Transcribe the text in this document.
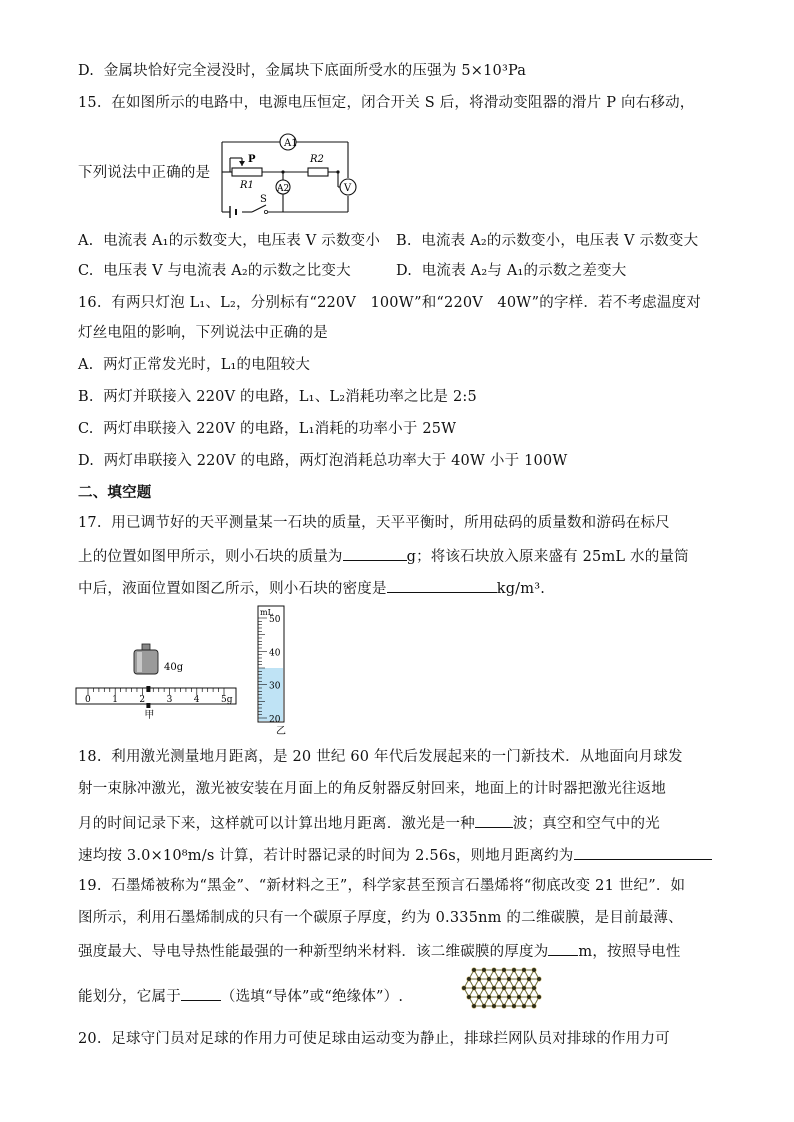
D.  金属块恰好完全浸没时，金属块下底面所受水的压强为 5×10³Pa
15.  在如图所示的电路中，电源电压恒定，闭合开关 S 后，将滑动变阻器的滑片 P 向右移动，
下列说法中正确的是
A1
A2	V
P
R1
R2
S
A.  电流表 A₁的示数变大，电压表 V 示数变小 B.  电流表 A₂的示数变小，电压表 V 示数变大
C.  电压表 V 与电流表 A₂的示数之比变大	D.  电流表 A₂与 A₁的示数之差变大
16.  有两只灯泡 L₁、L₂，分别标有“220V   100W”和“220V   40W”的字样．若不考虑温度对
灯丝电阻的影响，下列说法中正确的是
A.  两灯正常发光时，L₁的电阻较大
B.  两灯并联接入 220V 的电路，L₁、L₂消耗功率之比是 2:5
C.  两灯串联接入 220V 的电路，L₁消耗的功率小于 25W
D.  两灯串联接入 220V 的电路，两灯泡消耗总功率大于 40W 小于 100W
二、填空题
17.  用已调节好的天平测量某一石块的质量，天平平衡时，所用砝码的质量数和游码在标尺
上的位置如图甲所示，则小石块的质量为	g；将该石块放入原来盛有 25mL 水的量筒
中后，液面位置如图乙所示，则小石块的密度是	kg/m³.
40g
0 1 2 3 4 5g
甲
mL
50
40
30
20
乙
18.  利用激光测量地月距离，是 20 世纪 60 年代后发展起来的一门新技术．从地面向月球发
射一束脉冲激光，激光被安装在月面上的角反射器反射回来，地面上的计时器把激光往返地
月的时间记录下来，这样就可以计算出地月距离．激光是一种	波；真空和空气中的光
速均按 3.0×10⁸m/s 计算，若计时器记录的时间为 2.56s，则地月距离约为
19.  石墨烯被称为“黑金”、“新材料之王”，科学家甚至预言石墨烯将“彻底改变 21 世纪”．如
图所示，利用石墨烯制成的只有一个碳原子厚度，约为 0.335nm 的二维碳膜，是目前最薄、
强度最大、导电导热性能最强的一种新型纳米材料．该二维碳膜的厚度为 m，按照导电性
能划分，它属于	（选填“导体”或“绝缘体”）.
20.  足球守门员对足球的作用力可使足球由运动变为静止，排球拦网队员对排球的作用力可
